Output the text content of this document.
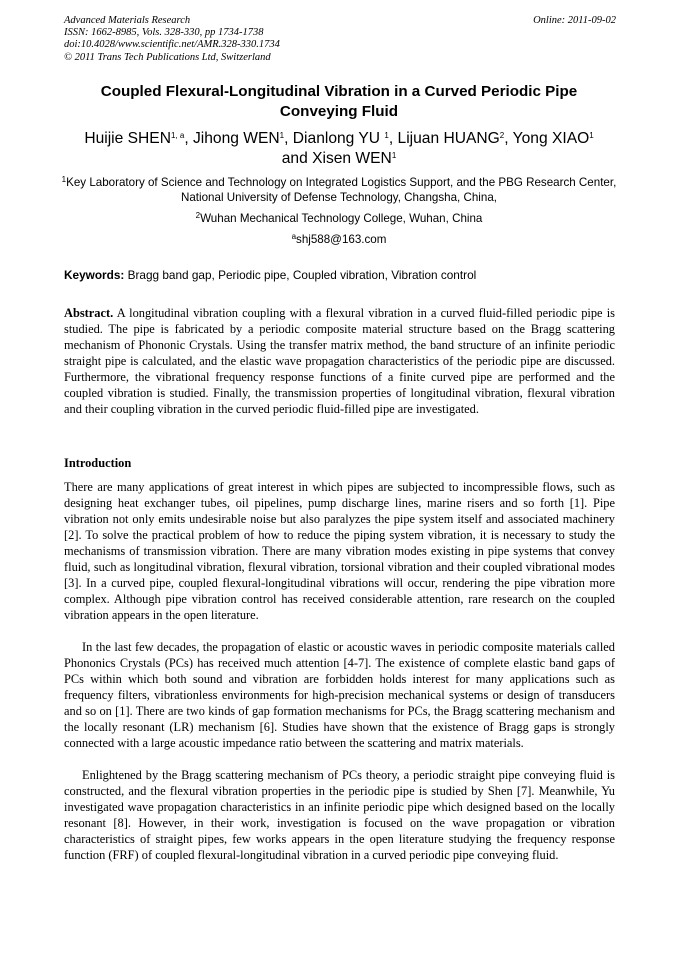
Advanced Materials Research
ISSN: 1662-8985, Vols. 328-330, pp 1734-1738
doi:10.4028/www.scientific.net/AMR.328-330.1734
© 2011 Trans Tech Publications Ltd, Switzerland
Online: 2011-09-02
Coupled Flexural-Longitudinal Vibration in a Curved Periodic Pipe Conveying Fluid
Huijie SHEN$^{1, a}$, Jihong WEN$^1$, Dianlong YU $^1$, Lijuan HUANG$^2$, Yong XIAO$^1$
and Xisen WEN$^1$
$^1$Key Laboratory of Science and Technology on Integrated Logistics Support, and the PBG Research Center, National University of Defense Technology, Changsha, China,
$^2$Wuhan Mechanical Technology College, Wuhan, China
$^a$shj588@163.com
Keywords: Bragg band gap, Periodic pipe, Coupled vibration, Vibration control
Abstract. A longitudinal vibration coupling with a flexural vibration in a curved fluid-filled periodic pipe is studied. The pipe is fabricated by a periodic composite material structure based on the Bragg scattering mechanism of Phononic Crystals. Using the transfer matrix method, the band structure of an infinite periodic straight pipe is calculated, and the elastic wave propagation characteristics of the periodic pipe are discussed. Furthermore, the vibrational frequency response functions of a finite curved pipe are performed and the coupled vibration is studied. Finally, the transmission properties of longitudinal vibration, flexural vibration and their coupling vibration in the curved periodic fluid-filled pipe are investigated.
Introduction
There are many applications of great interest in which pipes are subjected to incompressible flows, such as designing heat exchanger tubes, oil pipelines, pump discharge lines, marine risers and so forth [1]. Pipe vibration not only emits undesirable noise but also paralyzes the pipe system itself and associated machinery [2]. To solve the practical problem of how to reduce the piping system vibration, it is necessary to study the mechanisms of transmission vibration. There are many vibration modes existing in pipe systems that convey fluid, such as longitudinal vibration, flexural vibration, torsional vibration and their coupled vibrational modes [3]. In a curved pipe, coupled flexural-longitudinal vibrations will occur, rendering the pipe vibration more complex. Although pipe vibration control has received considerable attention, rare research on the coupled vibration appears in the open literature.
In the last few decades, the propagation of elastic or acoustic waves in periodic composite materials called Phononics Crystals (PCs) has received much attention [4-7]. The existence of complete elastic band gaps of PCs within which both sound and vibration are forbidden holds interest for many applications such as frequency filters, vibrationless environments for high-precision mechanical systems or design of transducers and so on [1]. There are two kinds of gap formation mechanisms for PCs, the Bragg scattering mechanism and the locally resonant (LR) mechanism [6]. Studies have shown that the existence of Bragg gaps is strongly connected with a large acoustic impedance ratio between the scattering and matrix materials.
Enlightened by the Bragg scattering mechanism of PCs theory, a periodic straight pipe conveying fluid is constructed, and the flexural vibration properties in the periodic pipe is studied by Shen [7]. Meanwhile, Yu investigated wave propagation characteristics in an infinite periodic pipe which designed based on the locally resonant [8]. However, in their work, investigation is focused on the wave propagation or vibration characteristics of straight pipes, few works appears in the open literature studying the frequency response function (FRF) of coupled flexural-longitudinal vibration in a curved periodic pipe conveying fluid.
